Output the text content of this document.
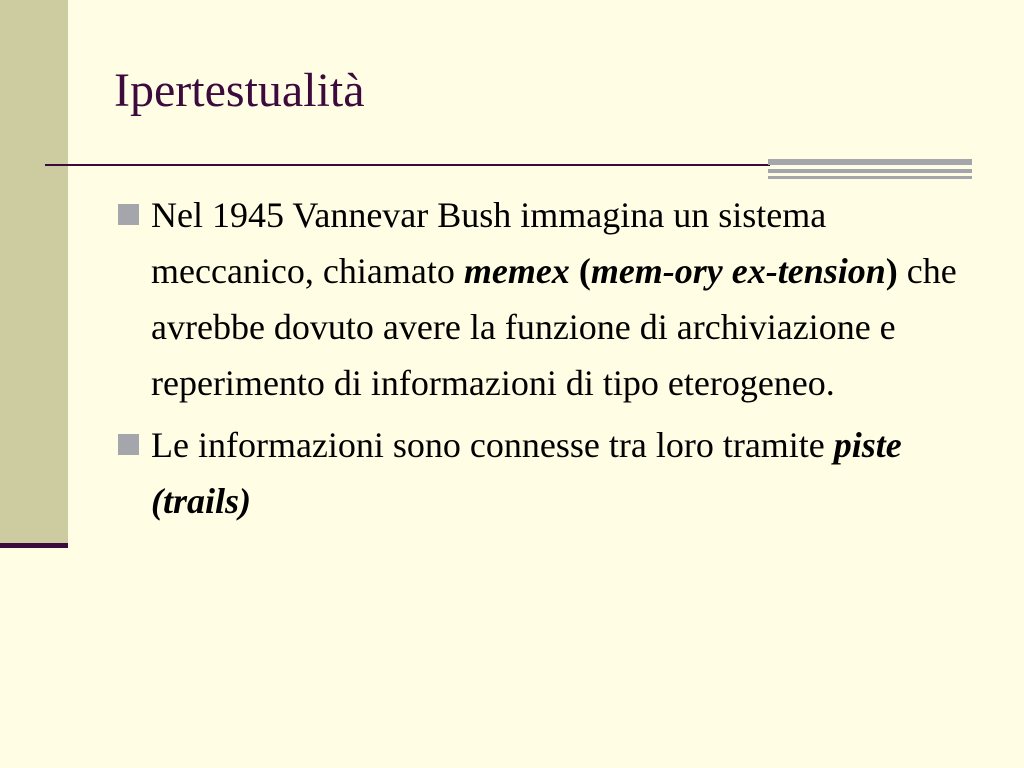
Ipertestualità
Nel 1945 Vannevar Bush immagina un sistema meccanico, chiamato memex (mem-ory ex-tension) che avrebbe dovuto avere la funzione di archiviazione e reperimento di informazioni di tipo eterogeneo.
Le informazioni sono connesse tra loro tramite piste (trails)
